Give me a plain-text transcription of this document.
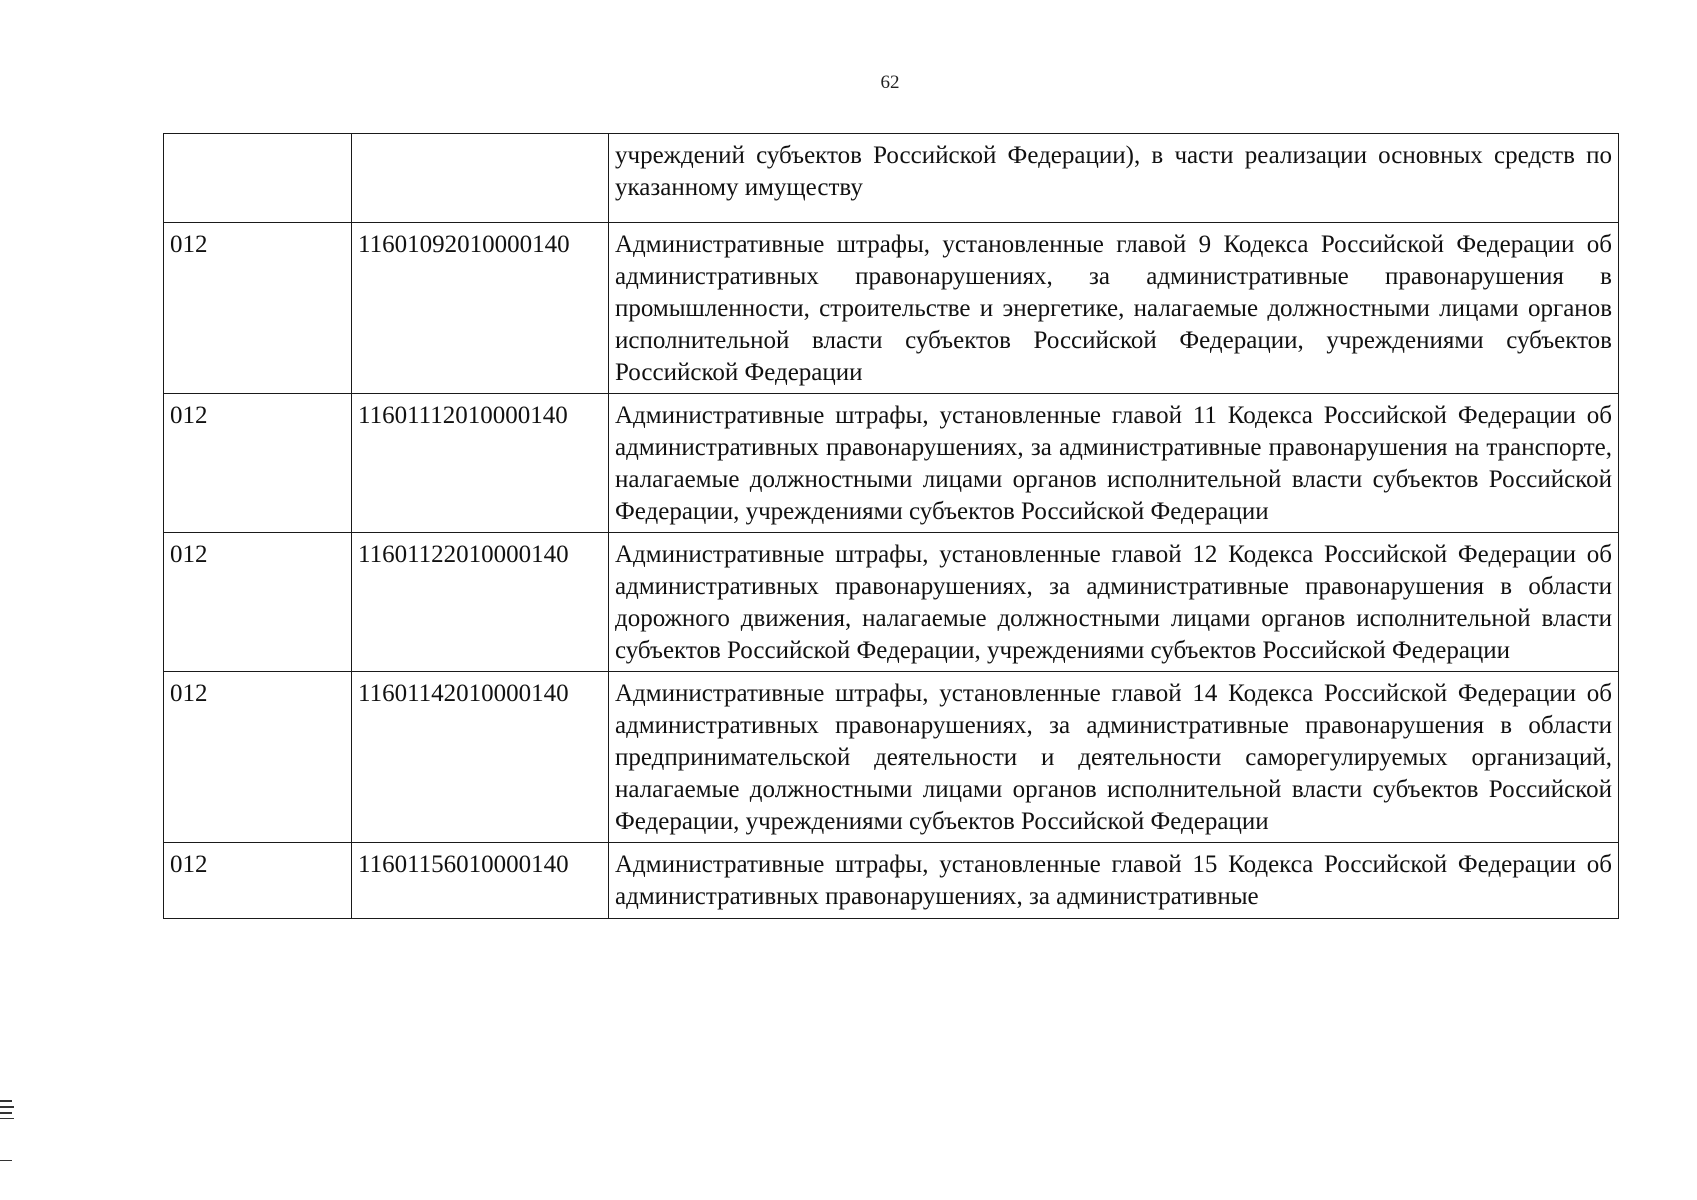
62
		учреждений субъектов Российской Федерации), в части реализации основных средств по указанному имуществу
012	11601092010000140	Административные штрафы, установленные главой 9 Кодекса Российской Федерации об административных правонарушениях, за административные правонарушения в промышленности, строительстве и энергетике, налагаемые должностными лицами органов исполнительной власти субъектов Российской Федерации, учреждениями субъектов Российской Федерации
012	11601112010000140	Административные штрафы, установленные главой 11 Кодекса Российской Федерации об административных правонарушениях, за административные правонарушения на транспорте, налагаемые должностными лицами органов исполнительной власти субъектов Российской Федерации, учреждениями субъектов Российской Федерации
012	11601122010000140	Административные штрафы, установленные главой 12 Кодекса Российской Федерации об административных правонарушениях, за административные правонарушения в области дорожного движения, налагаемые должностными лицами органов исполнительной власти субъектов Российской Федерации, учреждениями субъектов Российской Федерации
012	11601142010000140	Административные штрафы, установленные главой 14 Кодекса Российской Федерации об административных правонарушениях, за административные правонарушения в области предпринимательской деятельности и деятельности саморегулируемых организаций, налагаемые должностными лицами органов исполнительной власти субъектов Российской Федерации, учреждениями субъектов Российской Федерации
012	11601156010000140	Административные штрафы, установленные главой 15 Кодекса Российской Федерации об административных правонарушениях, за административные
